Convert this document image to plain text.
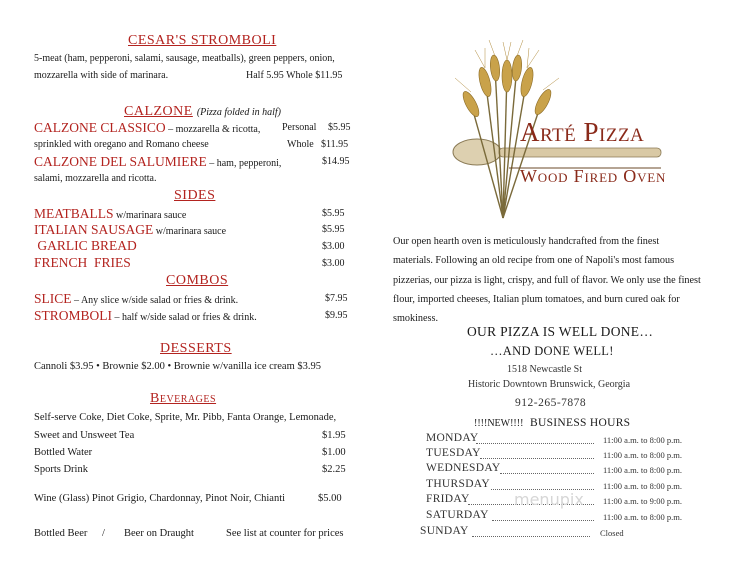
CESAR'S STROMBOLI
5-meat (ham, pepperoni, salami, sausage, meatballs), green peppers, onion,
mozzarella with side of marinara.	Half 5.95 Whole $11.95
CALZONE (Pizza folded in half)
CALZONE CLASSICO – mozzarella & ricotta, Personal $5.95
sprinkled with oregano and Romano cheese	Whole $11.95
CALZONE DEL SALUMIERE – ham, pepperoni,	$14.95
salami, mozzarella and ricotta.
SIDES
MEATBALLS w/marinara sauce	$5.95
ITALIAN SAUSAGE w/marinara sauce	$5.95
GARLIC BREAD	$3.00
FRENCH  FRIES	$3.00
COMBOS
SLICE – Any slice w/side salad or fries & drink.	$7.95
STROMBOLI – half w/side salad or fries & drink.	$9.95
DESSERTS
Cannoli $3.95 • Brownie $2.00 • Brownie w/vanilla ice cream $3.95
Beverages
Self-serve Coke, Diet Coke, Sprite, Mr. Pibb, Fanta Orange, Lemonade,
Sweet and Unsweet Tea	$1.95
Bottled Water	$1.00
Sports Drink	$2.25
Wine (Glass) Pinot Grigio, Chardonnay, Pinot Noir, Chianti	$5.00
Bottled Beer / Beer on Draught	See list at counter for prices
Arté Pizza
Wood Fired Oven
Our open hearth oven is meticulously handcrafted from the finest
materials. Following an old recipe from one of Napoli's most famous
pizzerias, our pizza is light, crispy, and full of flavor. We only use the finest
flour, imported cheeses, Italian plum tomatoes, and burn cured oak for
smokiness.
OUR PIZZA IS WELL DONE…
…AND DONE WELL!
1518 Newcastle St
Historic Downtown Brunswick, Georgia
912-265-7878
!!!!NEW!!!! BUSINESS HOURS
MONDAY	11:00 a.m. to 8:00 p.m.
TUESDAY	11:00 a.m. to 8:00 p.m.
WEDNESDAY	11:00 a.m. to 8:00 p.m.
THURSDAY	11:00 a.m. to 8:00 p.m.
FRIDAY	11:00 a.m. to 9:00 p.m.
SATURDAY	11:00 a.m. to 8:00 p.m.
SUNDAY	Closed
menupix
